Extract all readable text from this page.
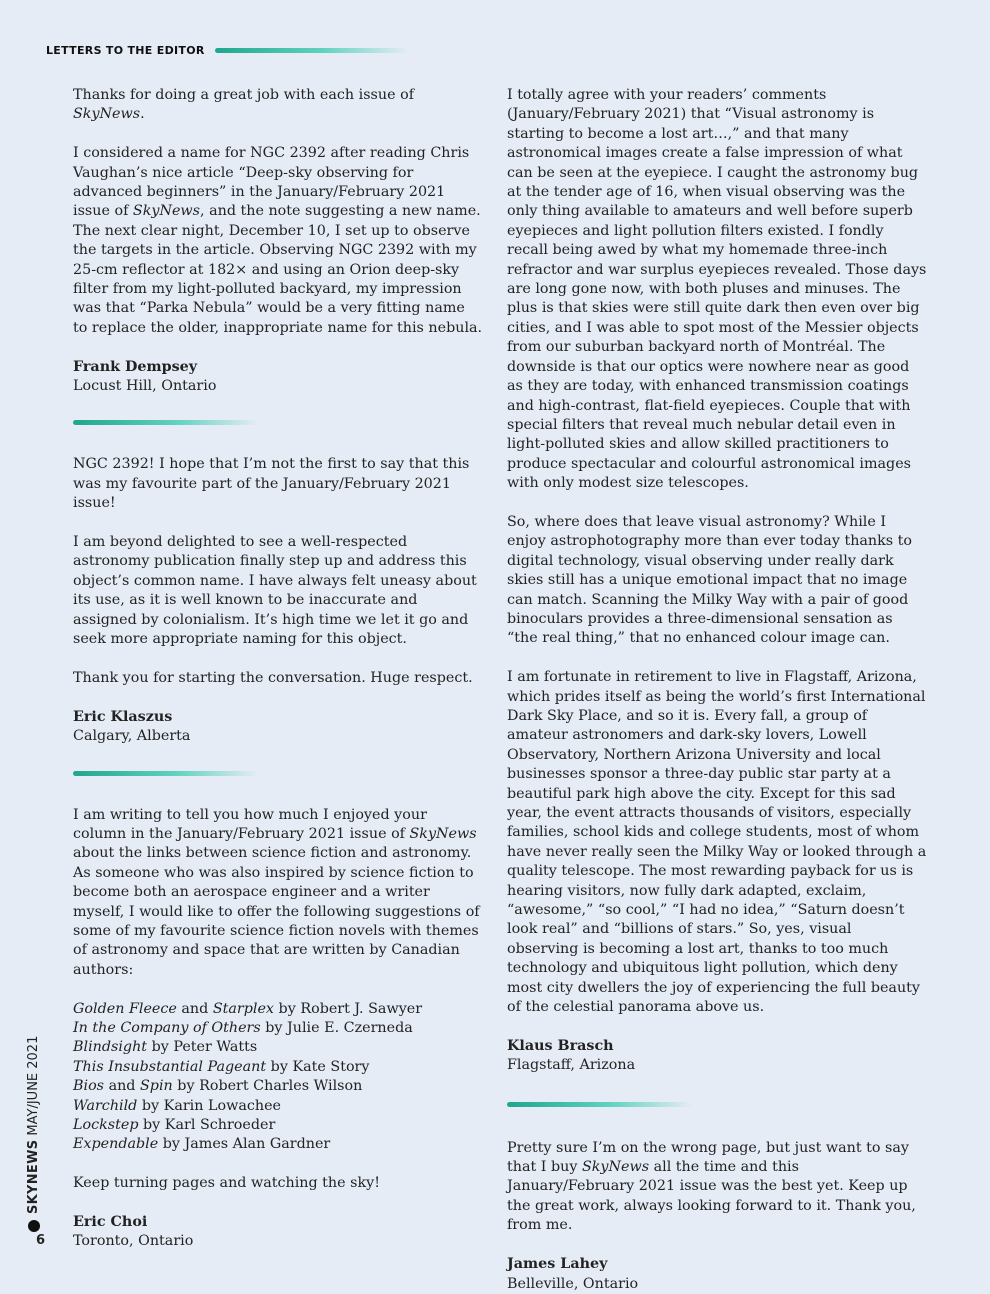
LETTERS TO THE EDITOR

Thanks for doing a great job with each issue of SkyNews.

I considered a name for NGC 2392 after reading Chris Vaughan’s nice article “Deep-sky observing for advanced beginners” in the January/February 2021 issue of SkyNews, and the note suggesting a new name. The next clear night, December 10, I set up to observe the targets in the article. Observing NGC 2392 with my 25-cm reflector at 182× and using an Orion deep-sky filter from my light-polluted backyard, my impression was that “Parka Nebula” would be a very fitting name to replace the older, inappropriate name for this nebula.

Frank Dempsey
Locust Hill, Ontario

NGC 2392! I hope that I’m not the first to say that this was my favourite part of the January/February 2021 issue!

I am beyond delighted to see a well-respected astronomy publication finally step up and address this object’s common name. I have always felt uneasy about its use, as it is well known to be inaccurate and assigned by colonialism. It’s high time we let it go and seek more appropriate naming for this object.

Thank you for starting the conversation. Huge respect.

Eric Klaszus
Calgary, Alberta

I am writing to tell you how much I enjoyed your column in the January/February 2021 issue of SkyNews about the links between science fiction and astronomy. As someone who was also inspired by science fiction to become both an aerospace engineer and a writer myself, I would like to offer the following suggestions of some of my favourite science fiction novels with themes of astronomy and space that are written by Canadian authors:

Golden Fleece and Starplex by Robert J. Sawyer
In the Company of Others by Julie E. Czerneda
Blindsight by Peter Watts
This Insubstantial Pageant by Kate Story
Bios and Spin by Robert Charles Wilson
Warchild by Karin Lowachee
Lockstep by Karl Schroeder
Expendable by James Alan Gardner

Keep turning pages and watching the sky!

Eric Choi
Toronto, Ontario

I totally agree with your readers’ comments (January/February 2021) that “Visual astronomy is starting to become a lost art…,” and that many astronomical images create a false impression of what can be seen at the eyepiece. I caught the astronomy bug at the tender age of 16, when visual observing was the only thing available to amateurs and well before superb eyepieces and light pollution filters existed. I fondly recall being awed by what my homemade three-inch refractor and war surplus eyepieces revealed. Those days are long gone now, with both pluses and minuses. The plus is that skies were still quite dark then even over big cities, and I was able to spot most of the Messier objects from our suburban backyard north of Montréal. The downside is that our optics were nowhere near as good as they are today, with enhanced transmission coatings and high-contrast, flat-field eyepieces. Couple that with special filters that reveal much nebular detail even in light-polluted skies and allow skilled practitioners to produce spectacular and colourful astronomical images with only modest size telescopes.

So, where does that leave visual astronomy? While I enjoy astrophotography more than ever today thanks to digital technology, visual observing under really dark skies still has a unique emotional impact that no image can match. Scanning the Milky Way with a pair of good binoculars provides a three-dimensional sensation as “the real thing,” that no enhanced colour image can.

I am fortunate in retirement to live in Flagstaff, Arizona, which prides itself as being the world’s first International Dark Sky Place, and so it is. Every fall, a group of amateur astronomers and dark-sky lovers, Lowell Observatory, Northern Arizona University and local businesses sponsor a three-day public star party at a beautiful park high above the city. Except for this sad year, the event attracts thousands of visitors, especially families, school kids and college students, most of whom have never really seen the Milky Way or looked through a quality telescope. The most rewarding payback for us is hearing visitors, now fully dark adapted, exclaim, “awesome,” “so cool,” “I had no idea,” “Saturn doesn’t look real” and “billions of stars.” So, yes, visual observing is becoming a lost art, thanks to too much technology and ubiquitous light pollution, which deny most city dwellers the joy of experiencing the full beauty of the celestial panorama above us.

Klaus Brasch
Flagstaff, Arizona

Pretty sure I’m on the wrong page, but just want to say that I buy SkyNews all the time and this January/February 2021 issue was the best yet. Keep up the great work, always looking forward to it. Thank you, from me.

James Lahey
Belleville, Ontario
SKYNEWS
MAY/JUNE 2021
6
